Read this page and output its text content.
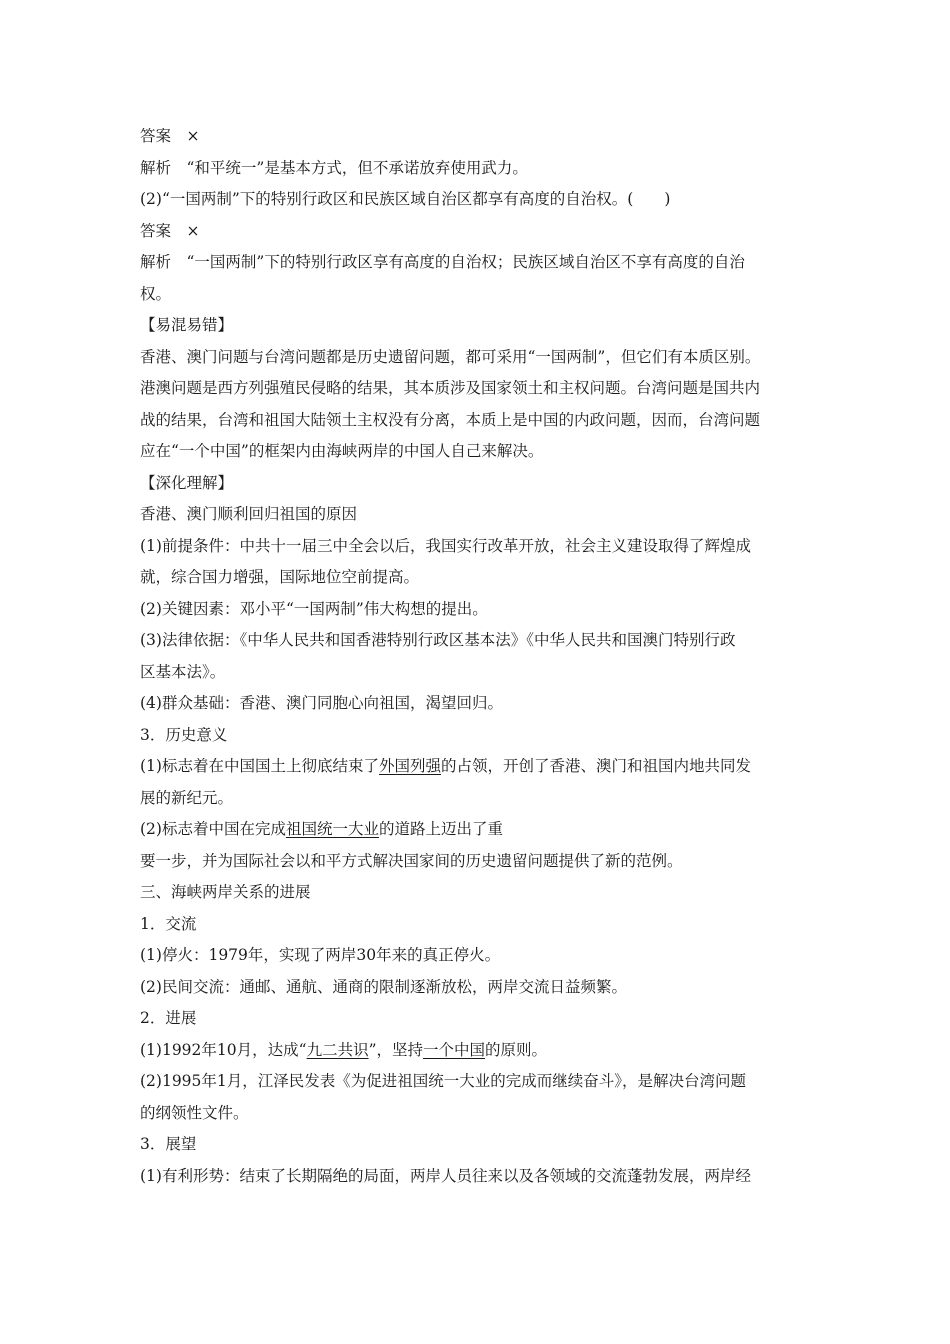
答案　×
解析　“和平统一”是基本方式，但不承诺放弃使用武力。
(2)“一国两制”下的特别行政区和民族区域自治区都享有高度的自治权。(　　)
答案　×
解析　“一国两制”下的特别行政区享有高度的自治权；民族区域自治区不享有高度的自治
权。
【易混易错】
香港、澳门问题与台湾问题都是历史遗留问题，都可采用“一国两制”，但它们有本质区别。
港澳问题是西方列强殖民侵略的结果，其本质涉及国家领土和主权问题。台湾问题是国共内
战的结果，台湾和祖国大陆领土主权没有分离，本质上是中国的内政问题，因而，台湾问题
应在“一个中国”的框架内由海峡两岸的中国人自己来解决。
【深化理解】
香港、澳门顺利回归祖国的原因
(1)前提条件：中共十一届三中全会以后，我国实行改革开放，社会主义建设取得了辉煌成
就，综合国力增强，国际地位空前提高。
(2)关键因素：邓小平“一国两制”伟大构想的提出。
(3)法律依据：《中华人民共和国香港特别行政区基本法》《中华人民共和国澳门特别行政
区基本法》。
(4)群众基础：香港、澳门同胞心向祖国，渴望回归。
3．历史意义
(1)标志着在中国国土上彻底结束了外国列强的占领，开创了香港、澳门和祖国内地共同发
展的新纪元。
(2)标志着中国在完成祖国统一大业的道路上迈出了重
要一步，并为国际社会以和平方式解决国家间的历史遗留问题提供了新的范例。
三、海峡两岸关系的进展
1．交流
(1)停火：1979年，实现了两岸30年来的真正停火。
(2)民间交流：通邮、通航、通商的限制逐渐放松，两岸交流日益频繁。
2．进展
(1)1992年10月，达成“九二共识”，坚持一个中国的原则。
(2)1995年1月，江泽民发表《为促进祖国统一大业的完成而继续奋斗》，是解决台湾问题
的纲领性文件。
3．展望
(1)有利形势：结束了长期隔绝的局面，两岸人员往来以及各领域的交流蓬勃发展，两岸经
